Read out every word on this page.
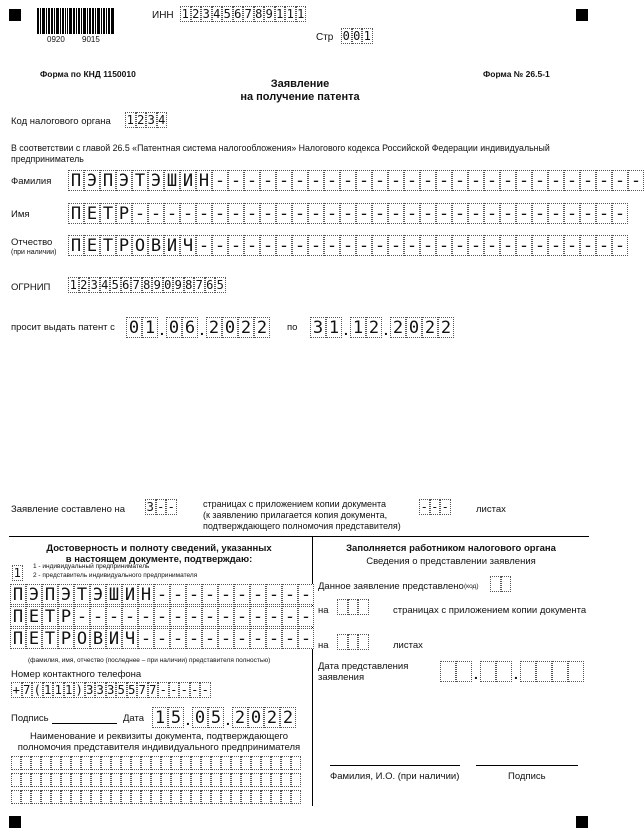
0920 9015
ИНН 1 2 3 4 5 6 7 8 9 1 1 1
Стр 0 0 1
Форма по КНД 1150010	Форма № 26.5-1
Заявление
на получение патента
Код налогового органа 1 2 3 4
В соответствии с главой 26.5 «Патентная система налогообложения» Налогового кодекса Российской Федерации индивидуальный предприниматель
Фамилия П Э П Э Т Э Ш И Н - - - - - - - - - - - - - - - - - - - - - - - - - - -
Имя П Е Т Р - - - - - - - - - - - - - - - - - - - - - - - - - - - - - - -
Отчество
(при наличии) П Е Т Р О В И Ч - - - - - - - - - - - - - - - - - - - - - - - - - - -
ОГРНИП 1 2 3 4 5 6 7 8 9 0 9 8 7 6 5
просит выдать патент с 0 1 . 0 6 . 2 0 2 2	по 3 1 . 1 2 . 2 0 2 2
Заявление составлено на 3 - -	страницах с приложением копии документа
(к заявлению прилагается копия документа,
подтверждающего полномочия представителя)
- - -	листах
Достоверность и полноту сведений, указанных
в настоящем документе, подтверждаю:
1 1 - индивидуальный предприниматель
2 - представитель индивидуального предпринимателя
П Э П Э Т Э Ш И Н - - - - - - - - - -
П Е Т Р - - - - - - - - - - - - - - -
П Е Т Р О В И Ч - - - - - - - - - - -
(фамилия, имя, отчество (последнее – при наличии) представителя полностью)
Номер контактного телефона
+ 7 ( 1 1 1 ) 3 3 3 5 5 7 7 - - - - -
Подпись	Дата 1 5 . 0 5 . 2 0 2 2
Наименование и реквизиты документа, подтверждающего
полномочия представителя индивидуального предпринимателя
Заполняется работником налогового органа
Сведения о представлении заявления
Данное заявление представлено (код)
на	страницах с приложением копии документа
на	листах
Дата представления
заявления	.	.
Фамилия, И.О. (при наличии)	Подпись
